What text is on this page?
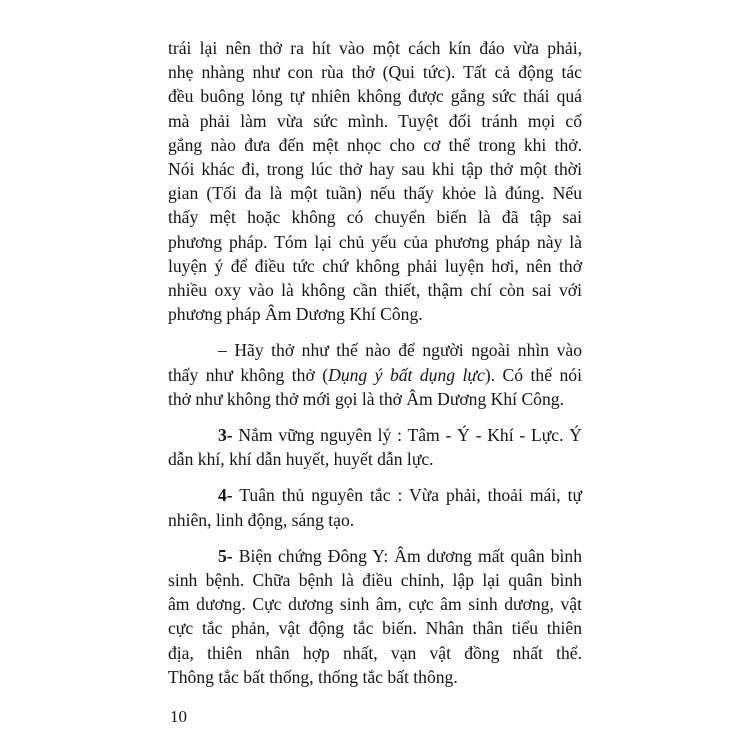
trái lại nên thở ra hít vào một cách kín đáo vừa phải,
nhẹ nhàng như con rùa thở (Qui tức). Tất cả động tác
đều buông lỏng tự nhiên không được gắng sức thái quá
mà phải làm vừa sức mình. Tuyệt đối tránh mọi cố
gắng nào đưa đến mệt nhọc cho cơ thể trong khi thở.
Nói khác đi, trong lúc thở hay sau khi tập thở một thời
gian (Tối đa là một tuần) nếu thấy khỏe là đúng. Nếu
thấy mệt hoặc không có chuyển biến là đã tập sai
phương pháp. Tóm lại chủ yếu của phương pháp này là
luyện ý để điều tức chứ không phải luyện hơi, nên thở
nhiều oxy vào là không cần thiết, thậm chí còn sai với
phương pháp Âm Dương Khí Công.

– Hãy thở như thế nào để người ngoài nhìn vào
thấy như không thở (Dụng ý bất dụng lực). Có thể nói
thở như không thở mới gọi là thở Âm Dương Khí Công.

3- Nắm vững nguyên lý : Tâm - Ý - Khí - Lực. Ý
dẫn khí, khí dẫn huyết, huyết dẫn lực.

4- Tuân thủ nguyên tắc : Vừa phải, thoải mái, tự
nhiên, linh động, sáng tạo.

5- Biện chứng Đông Y: Âm dương mất quân bình
sinh bệnh. Chữa bệnh là điều chỉnh, lập lại quân bình
âm dương. Cực dương sinh âm, cực âm sinh dương, vật
cực tắc phản, vật động tắc biến. Nhân thân tiểu thiên
địa, thiên nhân hợp nhất, vạn vật đồng nhất thể.
Thông tắc bất thống, thống tắc bất thông.

10
